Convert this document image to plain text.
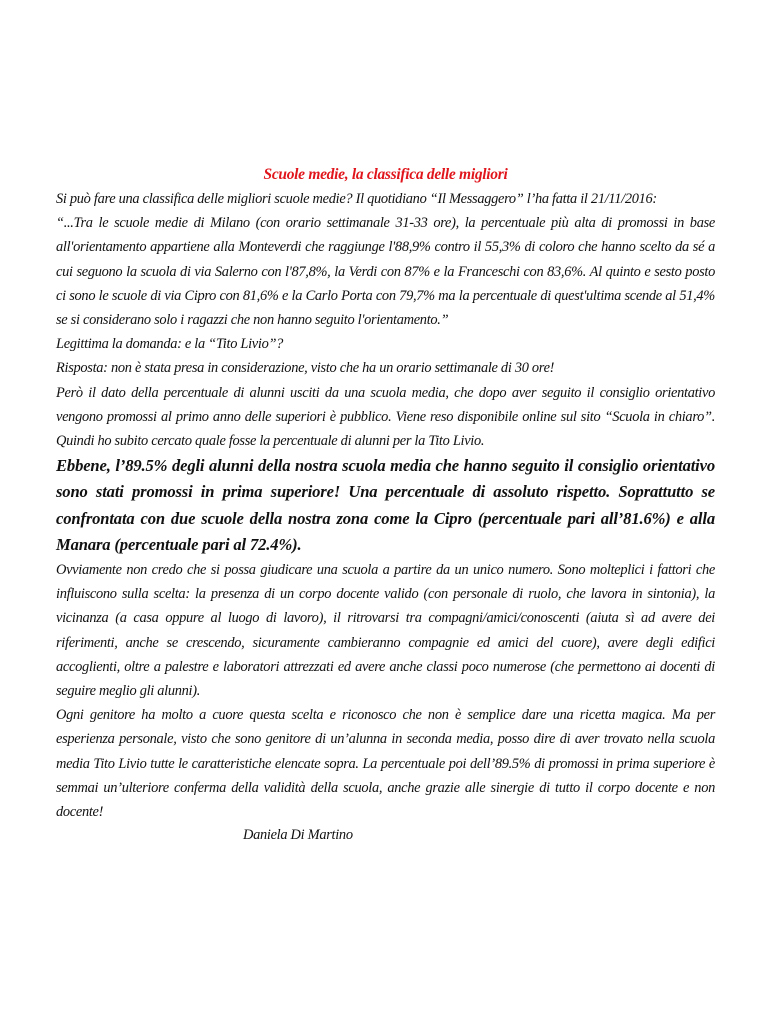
Scuole medie, la classifica delle migliori

Si può fare una classifica delle migliori scuole medie? Il quotidiano “Il Messaggero” l’ha fatta il 21/11/2016:

“...Tra le scuole medie di Milano (con orario settimanale 31-33 ore), la percentuale più alta di promossi in base all'orientamento appartiene alla Monteverdi che raggiunge l'88,9% contro il 55,3% di coloro che hanno scelto da sé a cui seguono la scuola di via Salerno con l'87,8%, la Verdi con 87% e la Franceschi con 83,6%. Al quinto e sesto posto ci sono le scuole di via Cipro con 81,6% e la Carlo Porta con 79,7% ma la percentuale di quest'ultima scende al 51,4% se si considerano solo i ragazzi che non hanno seguito l'orientamento.”

Legittima la domanda: e la “Tito Livio”?

Risposta: non è stata presa in considerazione, visto che ha un orario settimanale di 30 ore!

Però il dato della percentuale di alunni usciti da una scuola media, che dopo aver seguito il consiglio orientativo vengono promossi al primo anno delle superiori è pubblico. Viene reso disponibile online sul sito “Scuola in chiaro”. Quindi ho subito cercato quale fosse la percentuale di alunni per la Tito Livio.

Ebbene, l’89.5% degli alunni della nostra scuola media che hanno seguito il consiglio orientativo sono stati promossi in prima superiore! Una percentuale di assoluto rispetto. Soprattutto se confrontata con due scuole della nostra zona come la Cipro (percentuale pari all’81.6%) e alla Manara (percentuale pari al 72.4%).

Ovviamente non credo che si possa giudicare una scuola a partire da un unico numero. Sono molteplici i fattori che influiscono sulla scelta: la presenza di un corpo docente valido (con personale di ruolo, che lavora in sintonia), la vicinanza (a casa oppure al luogo di lavoro), il ritrovarsi tra compagni/amici/conoscenti (aiuta sì ad avere dei riferimenti, anche se crescendo, sicuramente cambieranno compagnie ed amici del cuore), avere degli edifici accoglienti, oltre a palestre e laboratori attrezzati ed avere anche classi poco numerose (che permettono ai docenti di seguire meglio gli alunni).

Ogni genitore ha molto a cuore questa scelta e riconosco che non è semplice dare una ricetta magica. Ma per esperienza personale, visto che sono genitore di un’alunna in seconda media, posso dire di aver trovato nella scuola media Tito Livio tutte le caratteristiche elencate sopra. La percentuale poi dell’89.5% di promossi in prima superiore è semmai un’ulteriore conferma della validità della scuola, anche grazie alle sinergie di tutto il corpo docente e non docente!

Daniela Di Martino
